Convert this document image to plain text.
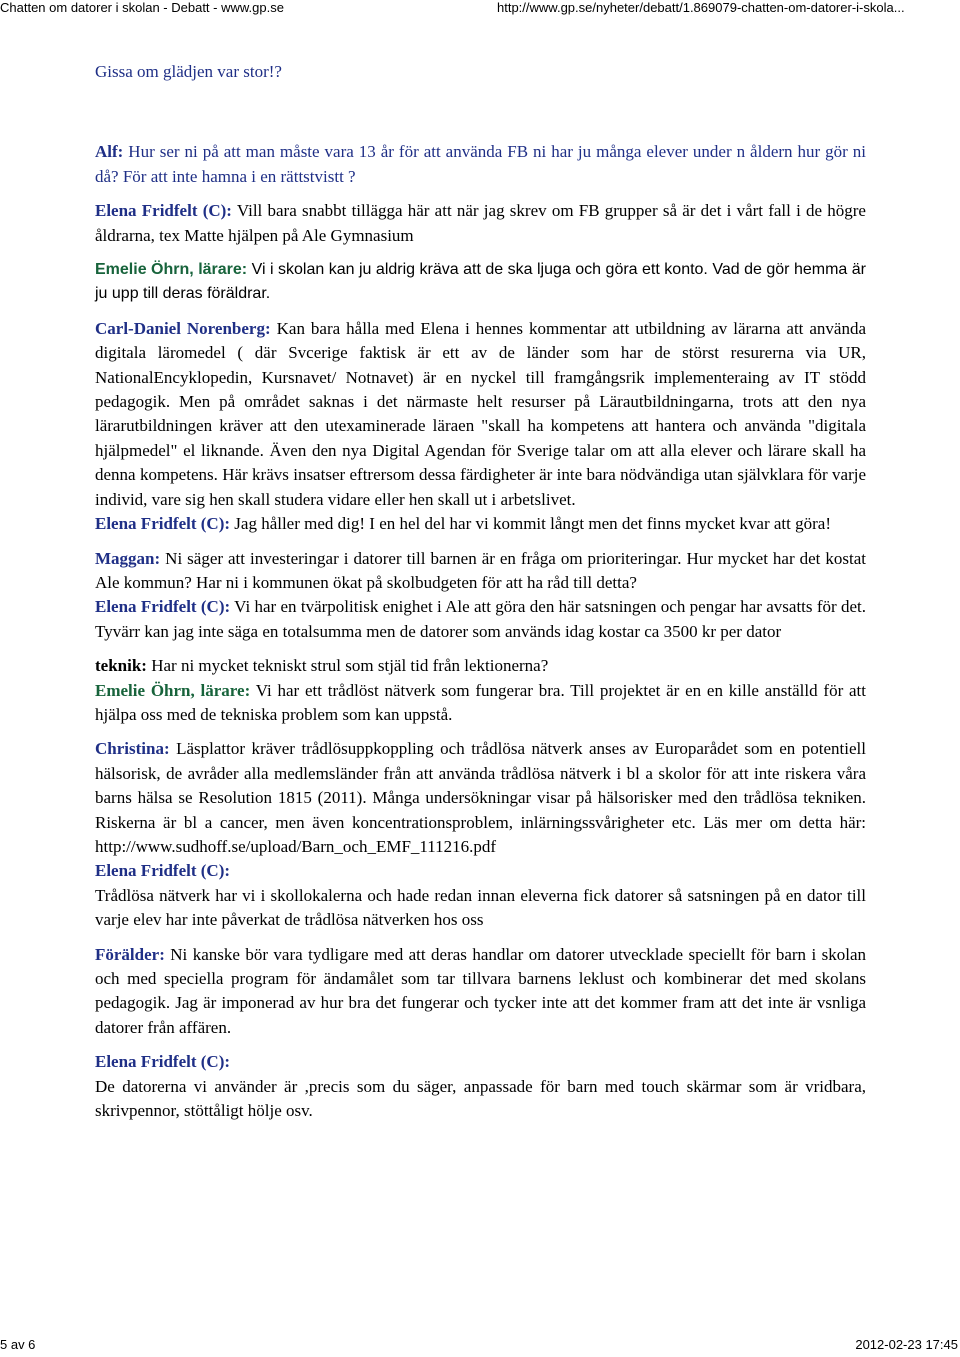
Chatten om datorer i skolan - Debatt - www.gp.se	http://www.gp.se/nyheter/debatt/1.869079-chatten-om-datorer-i-skola...

Gissa om glädjen var stor!?

Alf: Hur ser ni på att man måste vara 13 år för att använda FB ni har ju många elever under n åldern hur gör ni då? För att inte hamna i en rättstvistt ?

Elena Fridfelt (C): Vill bara snabbt tillägga här att när jag skrev om FB grupper så är det i vårt fall i de högre åldrarna, tex Matte hjälpen på Ale Gymnasium

Emelie Öhrn, lärare: Vi i skolan kan ju aldrig kräva att de ska ljuga och göra ett konto. Vad de gör hemma är ju upp till deras föräldrar.

Carl-Daniel Norenberg: Kan bara hålla med Elena i hennes kommentar att utbildning av lärarna att använda digitala läromedel ( där Svcerige faktisk är ett av de länder som har de störst resurerna via UR, NationalEncyklopedin, Kursnavet/ Notnavet) är en nyckel till framgångsrik implementeraing av IT stödd pedagogik. Men på området saknas i det närmaste helt resurser på Lärautbildningarna, trots att den nya lärarutbildningen kräver att den utexaminerade läraen "skall ha kompetens att hantera och använda "digitala hjälpmedel" el liknande. Även den nya Digital Agendan för Sverige talar om att alla elever och lärare skall ha denna kompetens. Här krävs insatser eftrersom dessa färdigheter är inte bara nödvändiga utan självklara för varje individ, vare sig hen skall studera vidare eller hen skall ut i arbetslivet.

Elena Fridfelt (C): Jag håller med dig! I en hel del har vi kommit långt men det finns mycket kvar att göra!

Maggan: Ni säger att investeringar i datorer till barnen är en fråga om prioriteringar. Hur mycket har det kostat Ale kommun? Har ni i kommunen ökat på skolbudgeten för att ha råd till detta?

Elena Fridfelt (C): Vi har en tvärpolitisk enighet i Ale att göra den här satsningen och pengar har avsatts för det. Tyvärr kan jag inte säga en totalsumma men de datorer som används idag kostar ca 3500 kr per dator

teknik: Har ni mycket tekniskt strul som stjäl tid från lektionerna?

Emelie Öhrn, lärare: Vi har ett trådlöst nätverk som fungerar bra. Till projektet är en en kille anställd för att hjälpa oss med de tekniska problem som kan uppstå.

Christina: Läsplattor kräver trådlösuppkoppling och trådlösa nätverk anses av Europarådet som en potentiell hälsorisk, de avråder alla medlemsländer från att använda trådlösa nätverk i bl a skolor för att inte riskera våra barns hälsa se Resolution 1815 (2011). Många undersökningar visar på hälsorisker med den trådlösa tekniken. Riskerna är bl a cancer, men även koncentrationsproblem, inlärningssvårigheter etc. Läs mer om detta här: http://www.sudhoff.se/upload/Barn_och_EMF_111216.pdf

Elena Fridfelt (C):

Trådlösa nätverk har vi i skollokalerna och hade redan innan eleverna fick datorer så satsningen på en dator till varje elev har inte påverkat de trådlösa nätverken hos oss

Förälder: Ni kanske bör vara tydligare med att deras handlar om datorer utvecklade speciellt för barn i skolan och med speciella program för ändamålet som tar tillvara barnens leklust och kombinerar det med skolans pedagogik. Jag är imponerad av hur bra det fungerar och tycker inte att det kommer fram att det inte är vsnliga datorer från affären.

Elena Fridfelt (C):

De datorerna vi använder är ,precis som du säger, anpassade för barn med touch skärmar som är vridbara, skrivpennor, stöttåligt hölje osv.

5 av 6	2012-02-23 17:45
